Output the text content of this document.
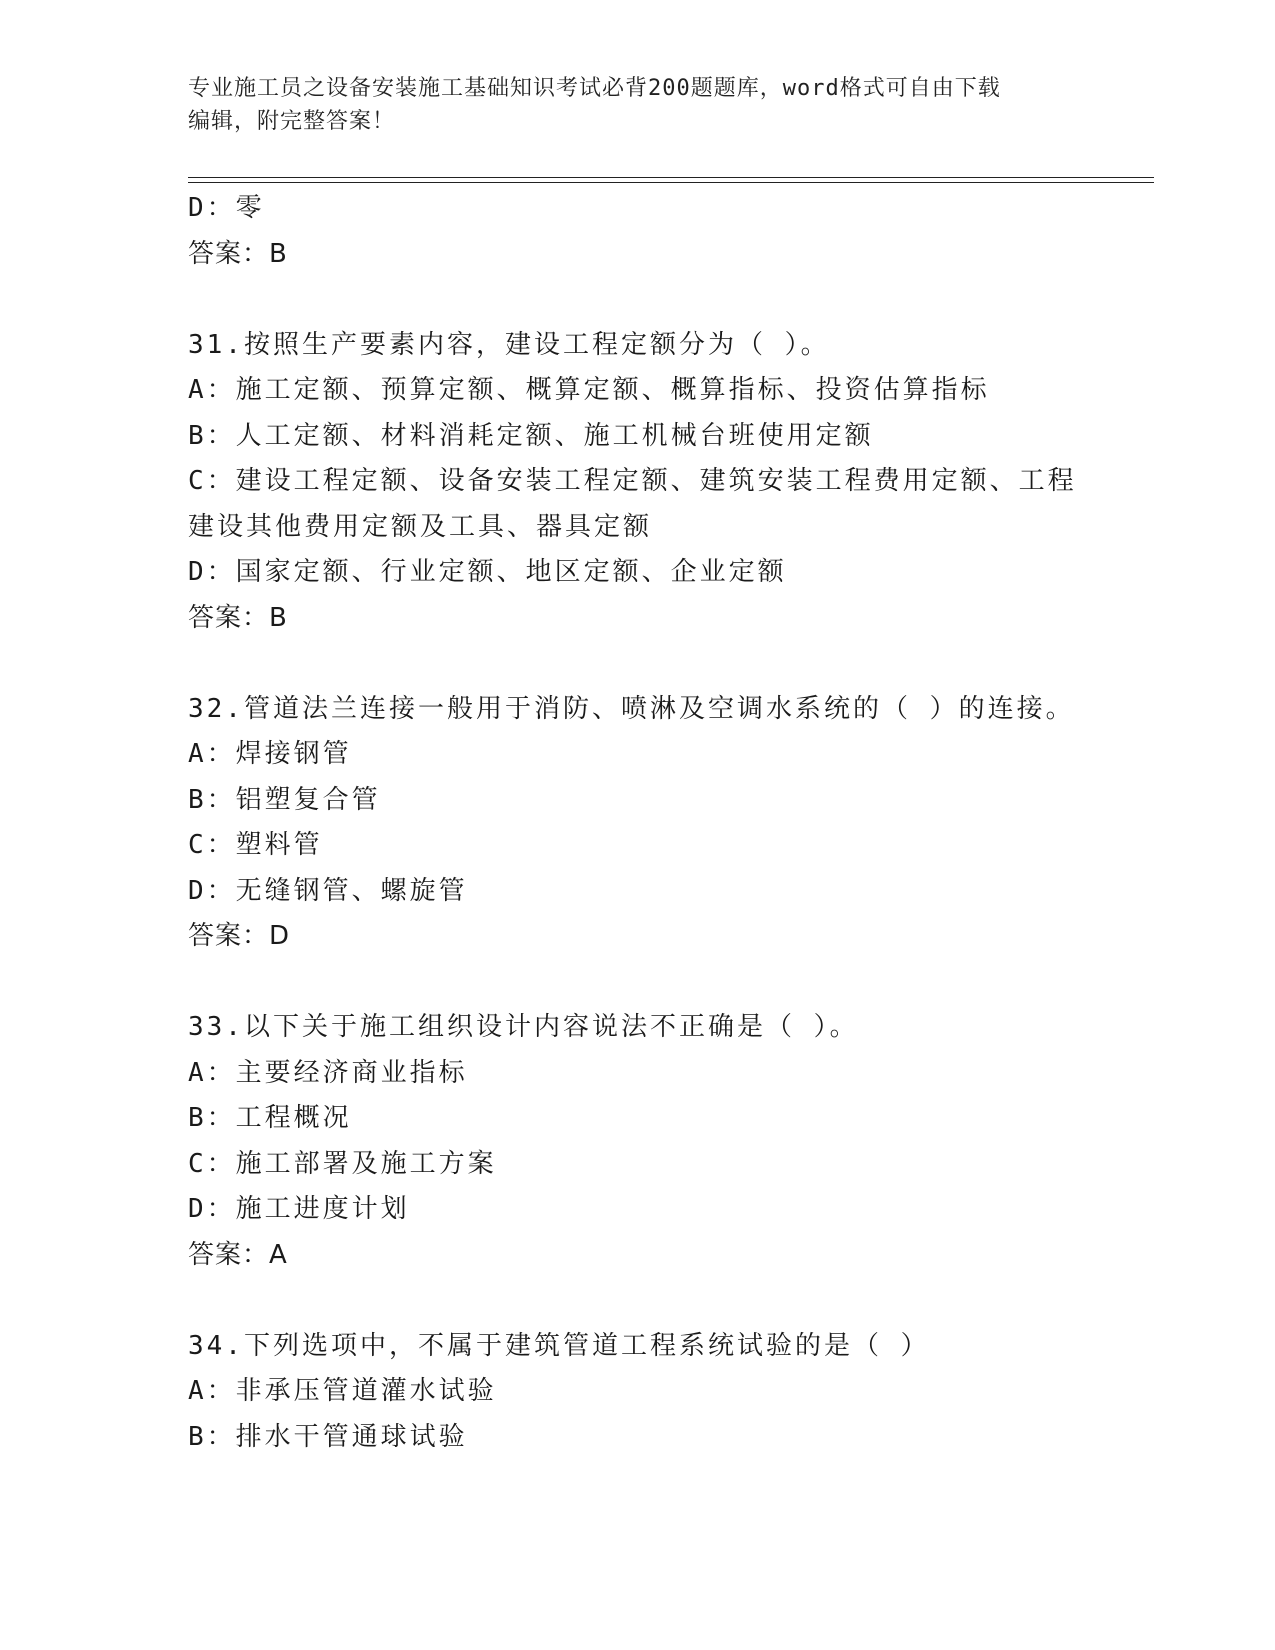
专业施工员之设备安装施工基础知识考试必背200题题库，word格式可自由下载
编辑，附完整答案！
D：零
答案：B
31.按照生产要素内容，建设工程定额分为（ ）。
A：施工定额、预算定额、概算定额、概算指标、投资估算指标
B：人工定额、材料消耗定额、施工机械台班使用定额
C：建设工程定额、设备安装工程定额、建筑安装工程费用定额、工程
建设其他费用定额及工具、器具定额
D：国家定额、行业定额、地区定额、企业定额
答案：B
32.管道法兰连接一般用于消防、喷淋及空调水系统的（ ）的连接。
A：焊接钢管
B：铝塑复合管
C：塑料管
D：无缝钢管、螺旋管
答案：D
33.以下关于施工组织设计内容说法不正确是（ ）。
A：主要经济商业指标
B：工程概况
C：施工部署及施工方案
D：施工进度计划
答案：A
34.下列选项中，不属于建筑管道工程系统试验的是（ ）
A：非承压管道灌水试验
B：排水干管通球试验
